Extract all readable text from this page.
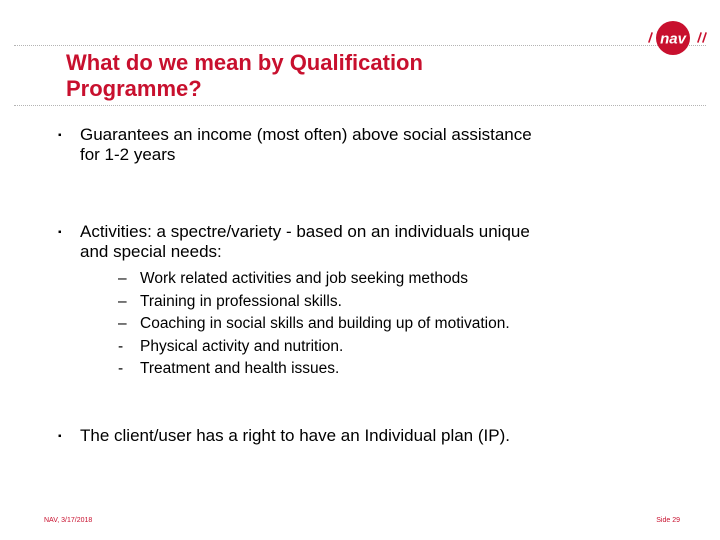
What do we mean by Qualification
Programme?
nav
▪	Guarantees an income (most often) above social assistance
for 1-2 years
▪	Activities: a spectre/variety - based on an individuals unique
and special needs:
– Work related activities and job seeking methods
– Training in professional skills.
– Coaching in social skills and building up of motivation.
-	Physical activity and nutrition.
-	Treatment and health issues.
▪	The client/user has a right to have an Individual plan (IP).
NAV, 3/17/2018	Side 29
